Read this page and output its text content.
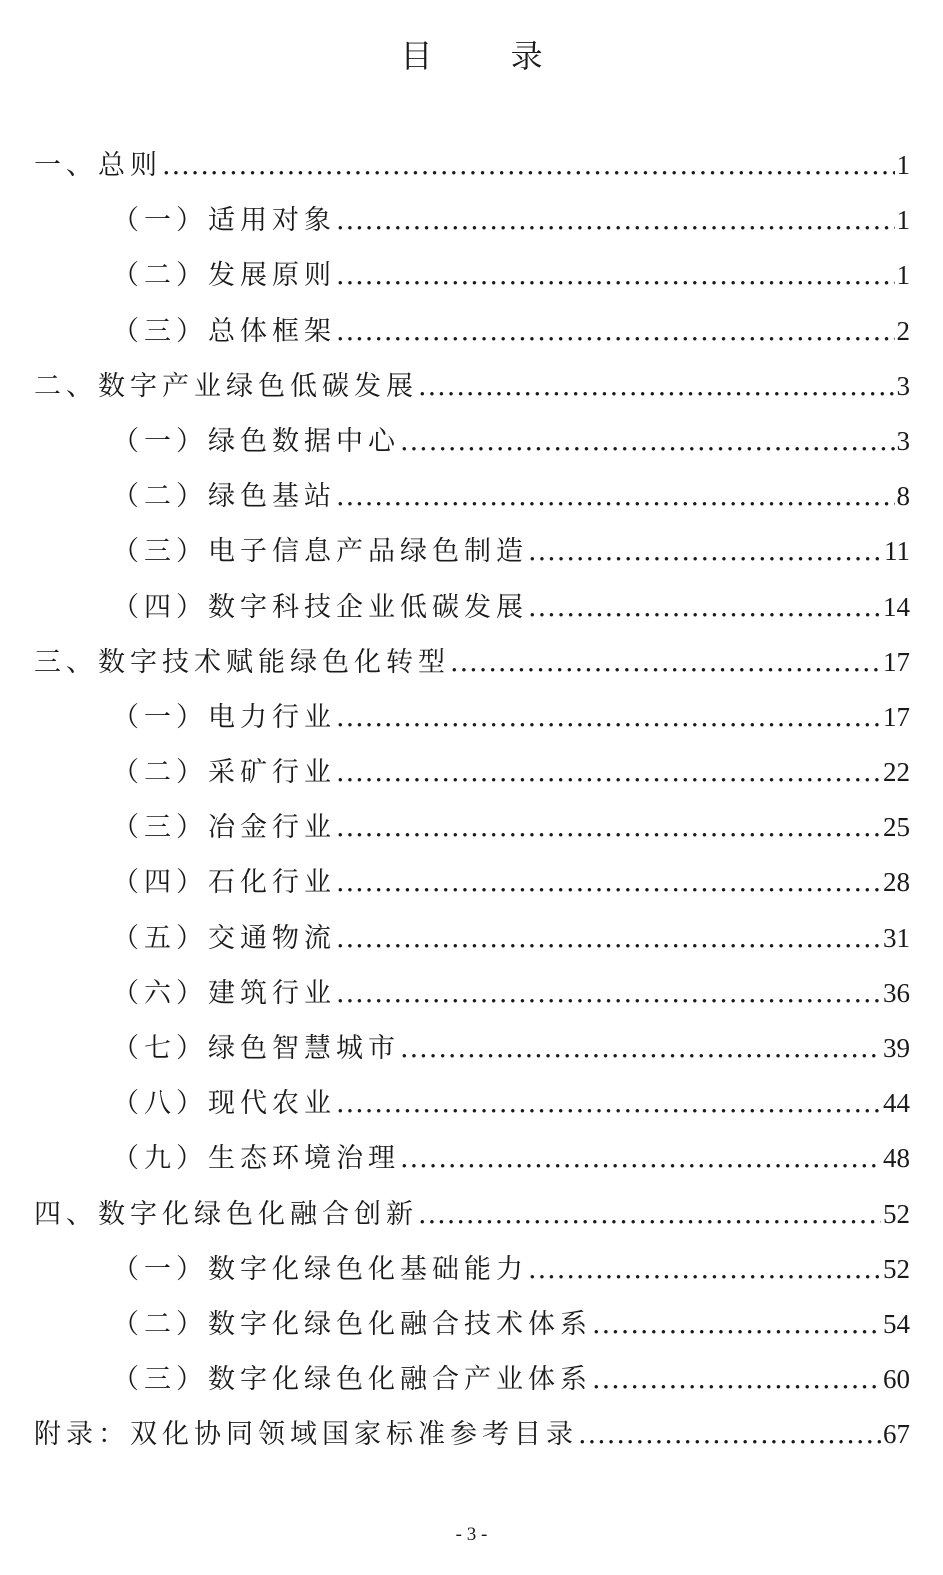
目 录
一、总则 .....	1
（一）适用对象 .....	1
（二）发展原则 .....	1
（三）总体框架 .....	2
二、数字产业绿色低碳发展 .....	3
（一）绿色数据中心 .....	3
（二）绿色基站 .....	8
（三）电子信息产品绿色制造 .....	11
（四）数字科技企业低碳发展 .....	14
三、数字技术赋能绿色化转型 .....	17
（一）电力行业 .....	17
（二）采矿行业 .....	22
（三）冶金行业 .....	25
（四）石化行业 .....	28
（五）交通物流 .....	31
（六）建筑行业 .....	36
（七）绿色智慧城市 .....	39
（八）现代农业 .....	44
（九）生态环境治理 .....	48
四、数字化绿色化融合创新 .....	52
（一）数字化绿色化基础能力 .....	52
（二）数字化绿色化融合技术体系 .....	54
（三）数字化绿色化融合产业体系 .....	60
附录：双化协同领域国家标准参考目录 .....	67
- 3 -
